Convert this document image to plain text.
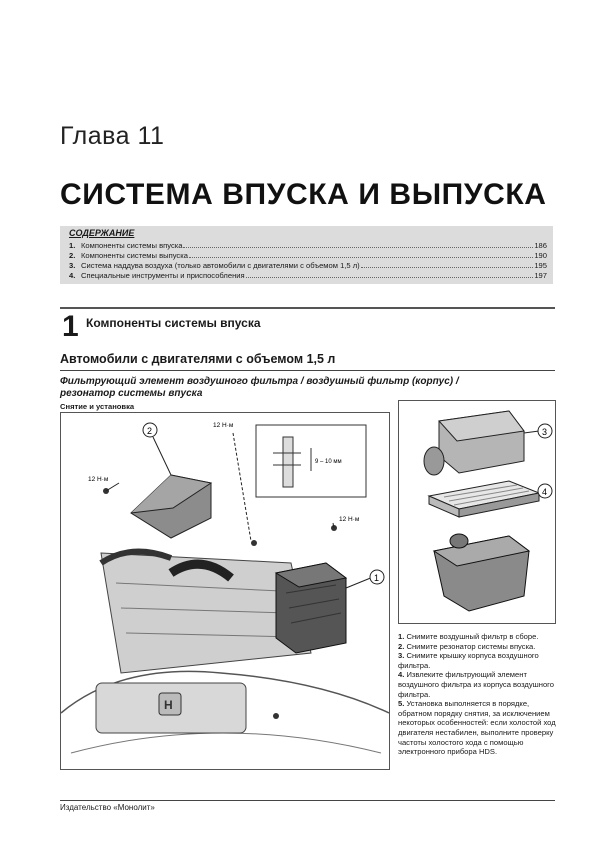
Глава 11
СИСТЕМА ВПУСКА И ВЫПУСКА
СОДЕРЖАНИЕ
1. Компоненты системы впуска	186
2. Компоненты системы выпуска	190
3. Система наддува воздуха (только автомобили с двигателями с объемом 1,5 л)	195
4. Специальные инструменты и приспособления	197
1 Компоненты системы впуска
Автомобили с двигателями с объемом 1,5 л
Фильтрующий элемент воздушного фильтра / воздушный фильтр (корпус) / резонатор системы впуска
Снятие и установка
H
2
1
12 Н·м
12 Н·м
12 Н·м
9 – 10 мм
3
4

1. Снимите воздушный фильтр в сборе.

2. Снимите резонатор системы впуска.

3. Снимите крышку корпуса воздушного фильтра.

4. Извлеките фильтрующий элемент воздушного фильтра из корпуса воздушного фильтра.

5. Установка выполняется в порядке, обратном порядку снятия, за исключением некоторых особенностей: если холостой ход двигателя нестабилен, выполните проверку частоты холостого хода с помощью электронного прибора HDS.

Издательство «Монолит»
